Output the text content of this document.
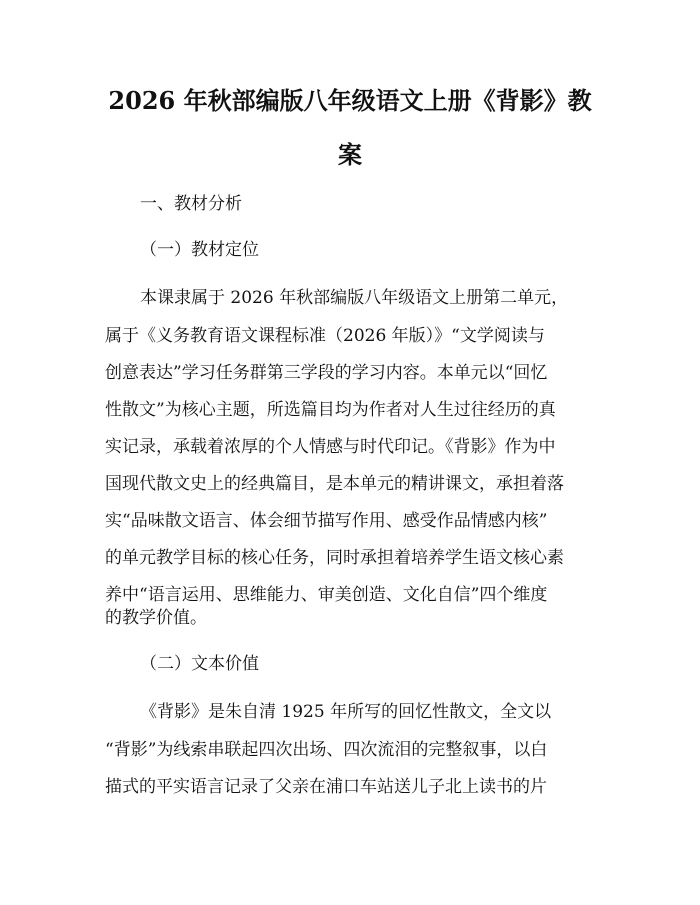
2026 年秋部编版八年级语文上册《背影》教
案

一、教材分析

（一）教材定位

本课隶属于 2026 年秋部编版八年级语文上册第二单元，

属于《义务教育语文课程标准（2026 年版）》“文学阅读与

创意表达”学习任务群第三学段的学习内容。本单元以“回忆

性散文”为核心主题，所选篇目均为作者对人生过往经历的真

实记录，承载着浓厚的个人情感与时代印记。《背影》作为中

国现代散文史上的经典篇目，是本单元的精讲课文，承担着落

实“品味散文语言、体会细节描写作用、感受作品情感内核”

的单元教学目标的核心任务，同时承担着培养学生语文核心素

养中“语言运用、思维能力、审美创造、文化自信”四个维度

的教学价值。

（二）文本价值

《背影》是朱自清 1925 年所写的回忆性散文，全文以

“背影”为线索串联起四次出场、四次流泪的完整叙事，以白

描式的平实语言记录了父亲在浦口车站送儿子北上读书的片
